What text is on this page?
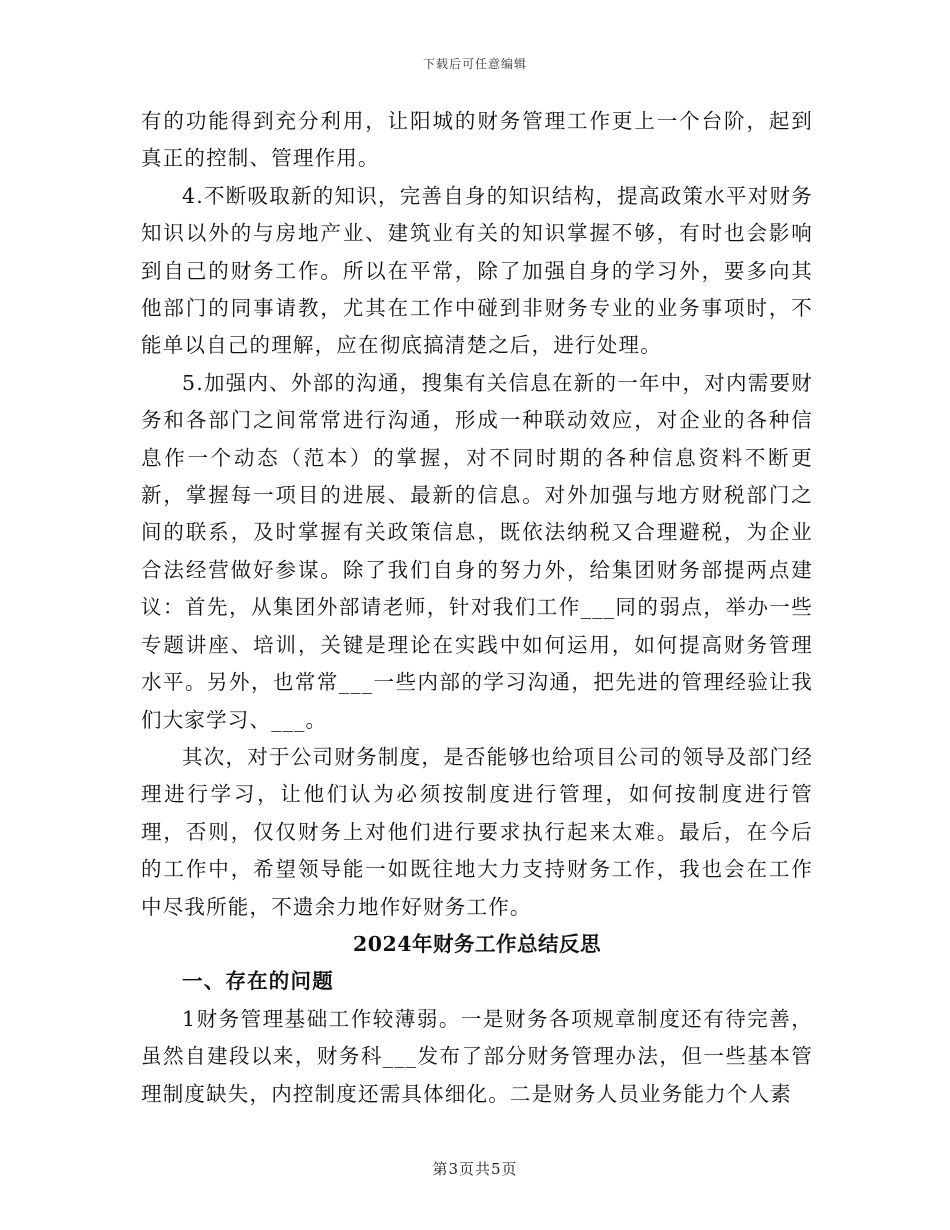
下载后可任意编辑

有的功能得到充分利用，让阳城的财务管理工作更上一个台阶，起到真正的控制、管理作用。

4.不断吸取新的知识，完善自身的知识结构，提高政策水平对财务知识以外的与房地产业、建筑业有关的知识掌握不够，有时也会影响到自己的财务工作。所以在平常，除了加强自身的学习外，要多向其他部门的同事请教，尤其在工作中碰到非财务专业的业务事项时，不能单以自己的理解，应在彻底搞清楚之后，进行处理。

5.加强内、外部的沟通，搜集有关信息在新的一年中，对内需要财务和各部门之间常常进行沟通，形成一种联动效应，对企业的各种信息作一个动态（范本）的掌握，对不同时期的各种信息资料不断更新，掌握每一项目的进展、最新的信息。对外加强与地方财税部门之间的联系，及时掌握有关政策信息，既依法纳税又合理避税，为企业合法经营做好参谋。除了我们自身的努力外，给集团财务部提两点建议：首先，从集团外部请老师，针对我们工作___同的弱点，举办一些专题讲座、培训，关键是理论在实践中如何运用，如何提高财务管理水平。另外，也常常___一些内部的学习沟通，把先进的管理经验让我们大家学习、___。

其次，对于公司财务制度，是否能够也给项目公司的领导及部门经理进行学习，让他们认为必须按制度进行管理，如何按制度进行管理，否则，仅仅财务上对他们进行要求执行起来太难。最后，在今后的工作中，希望领导能一如既往地大力支持财务工作，我也会在工作中尽我所能，不遗余力地作好财务工作。

2024年财务工作总结反思

一、存在的问题

1财务管理基础工作较薄弱。一是财务各项规章制度还有待完善，虽然自建段以来，财务科___发布了部分财务管理办法，但一些基本管理制度缺失，内控制度还需具体细化。二是财务人员业务能力个人素

第3页共5页
